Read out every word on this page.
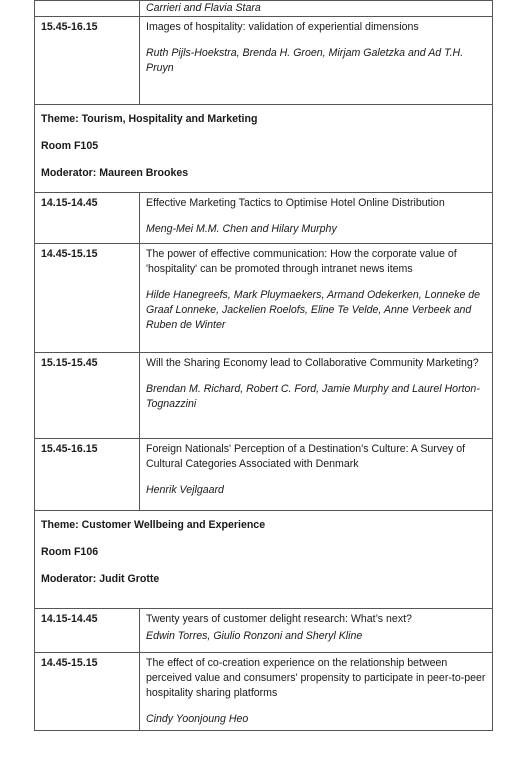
	Carrieri and Flavia Stara

15.45-16.15	Images of hospitality: validation of experiential dimensions
Ruth Pijls-Hoekstra, Brenda H. Groen, Mirjam Galetzka and Ad T.H. Pruyn

Theme: Tourism, Hospitality and Marketing
Room F105
Moderator: Maureen Brookes	

14.15-14.45	Effective Marketing Tactics to Optimise Hotel Online Distribution
Meng-Mei M.M. Chen and Hilary Murphy

14.45-15.15	The power of effective communication: How the corporate value of 'hospitality' can be promoted through intranet news items
Hilde Hanegreefs, Mark Pluymaekers, Armand Odekerken, Lonneke de Graaf Lonneke, Jackelien Roelofs, Eline Te Velde, Anne Verbeek and Ruben de Winter

15.15-15.45	Will the Sharing Economy lead to Collaborative Community Marketing?
Brendan M. Richard, Robert C. Ford, Jamie Murphy and Laurel Horton-Tognazzini

15.45-16.15	Foreign Nationals' Perception of a Destination's Culture: A Survey of Cultural Categories Associated with Denmark
Henrik Vejlgaard

Theme: Customer Wellbeing and Experience
Room F106
Moderator: Judit Grotte	

14.15-14.45	Twenty years of customer delight research: What’s next?
Edwin Torres, Giulio Ronzoni and Sheryl Kline

14.45-15.15	The effect of co-creation experience on the relationship between perceived value and consumers' propensity to participate in peer-to-peer hospitality sharing platforms
Cindy Yoonjoung Heo
